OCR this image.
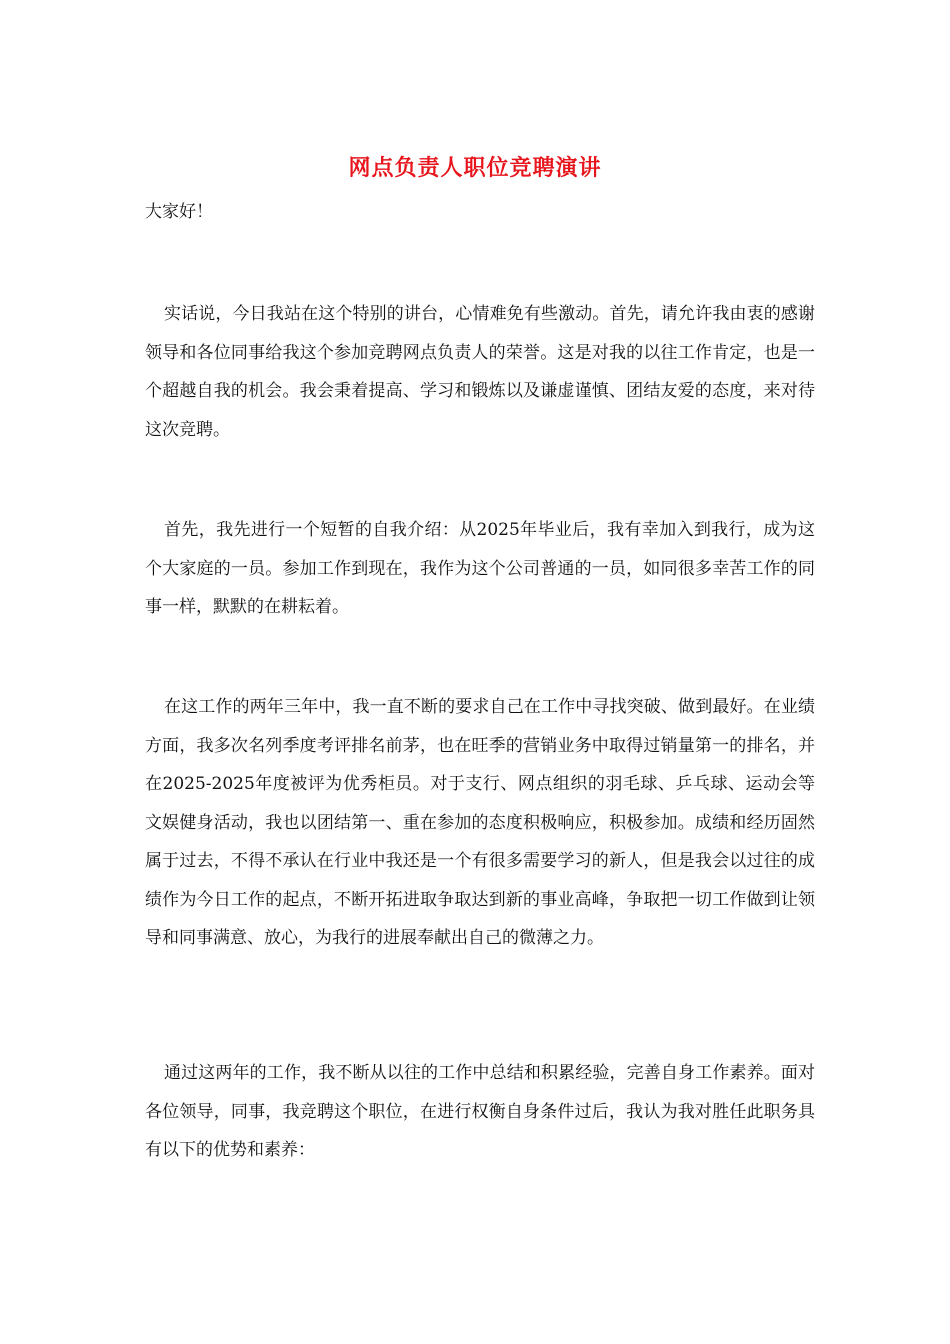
网点负责人职位竞聘演讲

大家好！

实话说，今日我站在这个特别的讲台，心情难免有些激动。首先，请允许我由衷的感谢领导和各位同事给我这个参加竞聘网点负责人的荣誉。这是对我的以往工作肯定，也是一个超越自我的机会。我会秉着提高、学习和锻炼以及谦虚谨慎、团结友爱的态度，来对待这次竞聘。

首先，我先进行一个短暂的自我介绍：从2025年毕业后，我有幸加入到我行，成为这个大家庭的一员。参加工作到现在，我作为这个公司普通的一员，如同很多幸苦工作的同事一样，默默的在耕耘着。

在这工作的两年三年中，我一直不断的要求自己在工作中寻找突破、做到最好。在业绩方面，我多次名列季度考评排名前茅，也在旺季的营销业务中取得过销量第一的排名，并在2025-2025年度被评为优秀柜员。对于支行、网点组织的羽毛球、乒乓球、运动会等文娱健身活动，我也以团结第一、重在参加的态度积极响应，积极参加。成绩和经历固然属于过去，不得不承认在行业中我还是一个有很多需要学习的新人，但是我会以过往的成绩作为今日工作的起点，不断开拓进取争取达到新的事业高峰，争取把一切工作做到让领导和同事满意、放心，为我行的进展奉献出自己的微薄之力。

通过这两年的工作，我不断从以往的工作中总结和积累经验，完善自身工作素养。面对各位领导，同事，我竞聘这个职位，在进行权衡自身条件过后，我认为我对胜任此职务具有以下的优势和素养：
